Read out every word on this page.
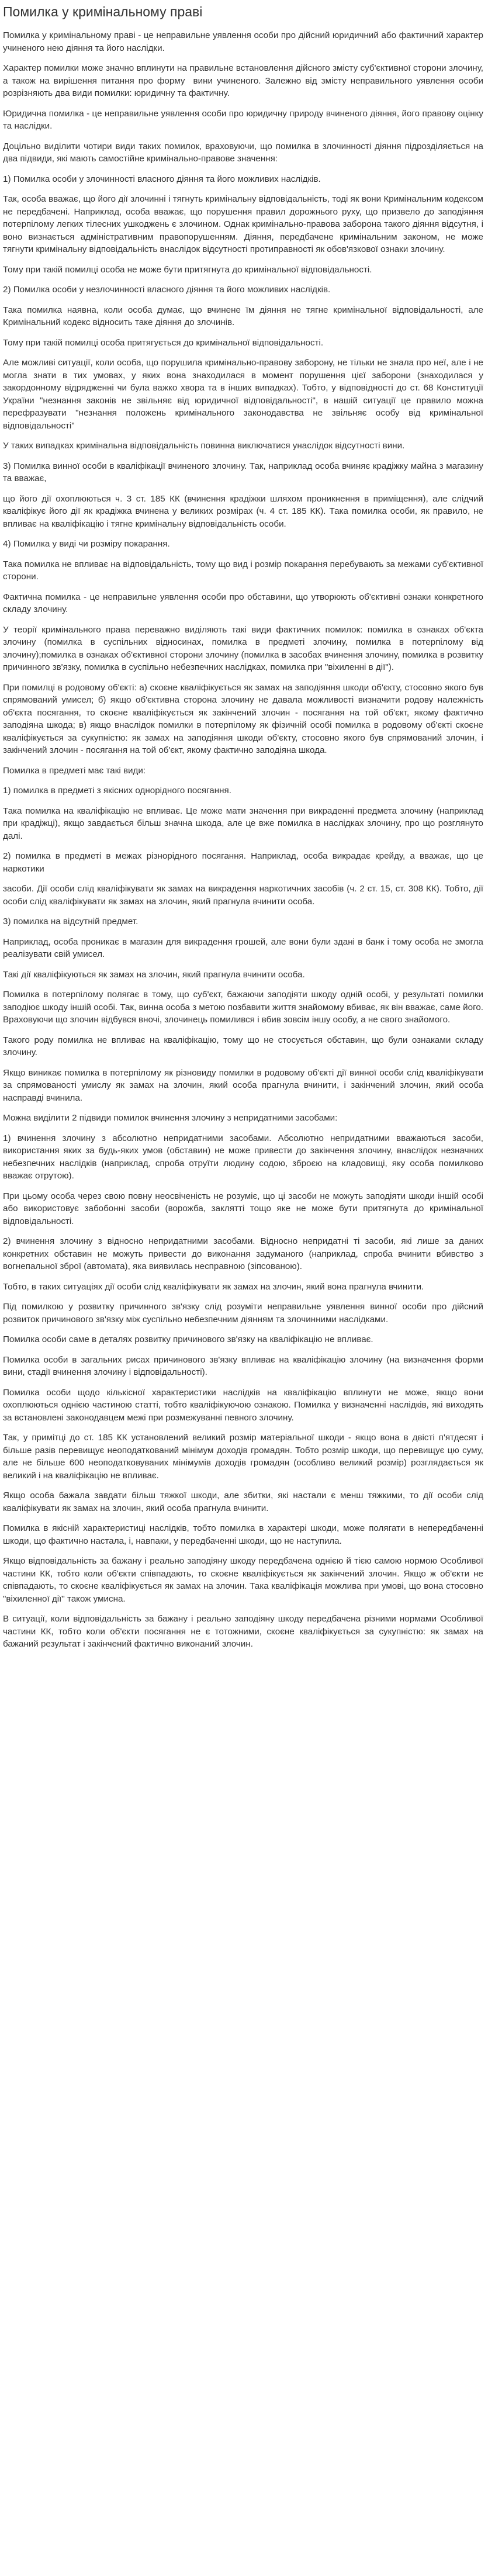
Помилка у кримінальному праві

Помилка у кримінальному праві - це неправильне уявлення особи про дійсний юридичний або фактичний характер учиненого нею діяння та його наслідки.

Характер помилки може значно вплинути на правильне встановлення дійсного змісту суб'єктивної сторони злочину, а також на вирішення питання про форму вини учиненого. Залежно від змісту неправильного уявлення особи розрізняють два види помилки: юридичну та фактичну.

Юридична помилка - це неправильне уявлення особи про юридичну природу вчиненого діяння, його правову оцінку та наслідки.

Доцільно виділити чотири види таких помилок, враховуючи, що помилка в злочинності діяння підрозділяється на два підвиди, які мають самостійне кримінально-правове значення:

1) Помилка особи у злочинності власного діяння та його можливих наслідків.

Так, особа вважає, що його дії злочинні і тягнуть кримінальну відповідальність, тоді як вони Кримінальним кодексом не передбачені. Наприклад, особа вважає, що порушення правил дорожнього руху, що призвело до заподіяння потерпілому легких тілесних ушкоджень є злочином. Однак кримінально-правова заборона такого діяння відсутня, і воно визнається адміністративним правопорушенням. Діяння, передбачене кримінальним законом, не може тягнути кримінальну відповідальність внаслідок відсутності протиправності як обов'язкової ознаки злочину.

Тому при такій помилці особа не може бути притягнута до кримінальної відповідальності.

2) Помилка особи у незлочинності власного діяння та його можливих наслідків.

Така помилка наявна, коли особа думає, що вчинене їм діяння не тягне кримінальної відповідальності, але Кримінальний кодекс відносить таке діяння до злочинів.

Тому при такій помилці особа притягується до кримінальної відповідальності.

Але можливі ситуації, коли особа, що порушила кримінально-правову заборону, не тільки не знала про неї, але і не могла знати в тих умовах, у яких вона знаходилася в момент порушення цієї заборони (знаходилася у закордонному відрядженні чи була важко хвора та в інших випадках). Тобто, у відповідності до ст. 68 Конституції України "незнання законів не звільняє від юридичної відповідальності", в нашій ситуації це правило можна перефразувати "незнання положень кримінального законодавства не звільняє особу від кримінальної відповідальності"

У таких випадках кримінальна відповідальність повинна виключатися унаслідок відсутності вини.

3) Помилка винної особи в кваліфікації вчиненого злочину. Так, наприклад особа вчиняє крадіжку майна з магазину та вважає,

що його дії охоплюються ч. 3 ст. 185 КК (вчинення крадіжки шляхом проникнення в приміщення), але слідчий кваліфікує його дії як крадіжка вчинена у великих розмірах (ч. 4 ст. 185 КК). Така помилка особи, як правило, не впливає на кваліфікацію і тягне кримінальну відповідальність особи.

4) Помилка у виді чи розміру покарання.

Така помилка не впливає на відповідальність, тому що вид і розмір покарання перебувають за межами суб'єктивної сторони.

Фактична помилка - це неправильне уявлення особи про обставини, що утворюють об'єктивні ознаки конкретного складу злочину.

У теорії кримінального права переважно виділяють такі види фактичних помилок: помилка в ознаках об'єкта злочину (помилка в суспільних відносинах, помилка в предметі злочину, помилка в потерпілому від злочину);помилка в ознаках об'єктивної сторони злочину (помилка в засобах вчинення злочину, помилка в розвитку причинного зв'язку, помилка в суспільно небезпечних наслідках, помилка при "віхиленні в дії").

При помилці в родовому об'єкті: а) скоєне кваліфікується як замах на заподіяння шкоди об'єкту, стосовно якого був спрямований умисел; б) якщо об'єктивна сторона злочину не давала можливості визначити родову належність об'єкта посягання, то скоєне кваліфікується як закінчений злочин - посягання на той об'єкт, якому фактично заподіяна шкода; в) якщо внаслідок помилки в потерпілому як фізичній особі помилка в родовому об'єкті скоєне кваліфікується за сукупністю: як замах на заподіяння шкоди об'єкту, стосовно якого був спрямований злочин, і закінчений злочин - посягання на той об'єкт, якому фактично заподіяна шкода.

Помилка в предметі має такі види:

1) помилка в предметі з якісних однорідного посягання.

Така помилка на кваліфікацію не впливає. Це може мати значення при викраденні предмета злочину (наприклад при крадіжці), якщо завдається більш значна шкода, але це вже помилка в наслідках злочину, про що розглянуто далі.

2) помилка в предметі в межах різнорідного посягання. Наприклад, особа викрадає крейду, а вважає, що це наркотики

засоби. Дії особи слід кваліфікувати як замах на викрадення наркотичних засобів (ч. 2 ст. 15, ст. 308 КК). Тобто, дії особи слід кваліфікувати як замах на злочин, який прагнула вчинити особа.

3) помилка на відсутній предмет.

Наприклад, особа проникає в магазин для викрадення грошей, але вони були здані в банк і тому особа не змогла реалізувати свій умисел.

Такі дії кваліфікуються як замах на злочин, який прагнула вчинити особа.

Помилка в потерпілому полягає в тому, що суб'єкт, бажаючи заподіяти шкоду одній особі, у результаті помилки заподіює шкоду іншій особі. Так, винна особа з метою позбавити життя знайомому вбиває, як він вважає, саме його. Враховуючи що злочин відбувся вночі, злочинець помилився і вбив зовсім іншу особу, а не свого знайомого.

Такого роду помилка не впливає на кваліфікацію, тому що не стосується обставин, що були ознаками складу злочину.

Якщо виникає помилка в потерпілому як різновиду помилки в родовому об'єкті дії винної особи слід кваліфікувати за спрямованості умислу як замах на злочин, який особа прагнула вчинити, і закінчений злочин, який особа насправді вчинила.

Можна виділити 2 підвиди помилок вчинення злочину з непридатними засобами:

1) вчинення злочину з абсолютно непридатними засобами. Абсолютно непридатними вважаються засоби, використання яких за будь-яких умов (обставин) не може привести до закінчення злочину, внаслідок незначних небезпечних наслідків (наприклад, спроба отруїти людину содою, зброєю на кладовищі, яку особа помилково вважає отрутою).

При цьому особа через свою повну неосвіченість не розуміє, що ці засоби не можуть заподіяти шкоди іншій особі або використовує забобонні засоби (ворожба, заклятті тощо яке не може бути притягнута до кримінальної відповідальності.

2) вчинення злочину з відносно непридатними засобами. Відносно непридатні ті засоби, які лише за даних конкретних обставин не можуть привести до виконання задуманого (наприклад, спроба вчинити вбивство з вогнепальної зброї (автомата), яка виявилась несправною (зіпсованою).

Тобто, в таких ситуаціях дії особи слід кваліфікувати як замах на злочин, який вона прагнула вчинити.

Під помилкою у розвитку причинного зв'язку слід розуміти неправильне уявлення винної особи про дійсний розвиток причинового зв'язку між суспільно небезпечним діянням та злочинними наслідками.

Помилка особи саме в деталях розвитку причинового зв'язку на кваліфікацію не впливає.

Помилка особи в загальних рисах причинового зв'язку впливає на кваліфікацію злочину (на визначення форми вини, стадії вчинення злочину і відповідальності).

Помилка особи щодо кількісної характеристики наслідків на кваліфікацію вплинути не може, якщо вони охоплюються однією частиною статті, тобто кваліфікуючою ознакою. Помилка у визначенні наслідків, які виходять за встановлені законодавцем межі при розмежуванні певного злочину.

Так, у примітці до ст. 185 КК установлений великий розмір матеріальної шкоди - якщо вона в двісті п'ятдесят і більше разів перевищує неоподаткований мінімум доходів громадян. Тобто розмір шкоди, що перевищує цю суму, але не більше 600 неоподатковуваних мінімумів доходів громадян (особливо великий розмір) розглядається як великий і на кваліфікацію не впливає.

Якщо особа бажала завдати більш тяжкої шкоди, але збитки, які настали є менш тяжкими, то дії особи слід кваліфікувати як замах на злочин, який особа прагнула вчинити.

Помилка в якісній характеристиці наслідків, тобто помилка в характері шкоди, може полягати в непередбаченні шкоди, що фактично настала, і, навпаки, у передбаченні шкоди, що не наступила.

Якщо відповідальність за бажану і реально заподіяну шкоду передбачена однією й тією самою нормою Особливої частини КК, тобто коли об'єкти співпадають, то скоєне кваліфікується як закінчений злочин. Якщо ж об'єкти не співпадають, то скоєне кваліфікується як замах на злочин. Така кваліфікація можлива при умові, що вона стосовно "віхиленної дії" також умисна.

В ситуації, коли відповідальність за бажану і реально заподіяну шкоду передбачена різними нормами Особливої частини КК, тобто коли об'єкти посягання не є тотожними, скоєне кваліфікується за сукупністю: як замах на бажаний результат і закінчений фактично виконаний злочин.
